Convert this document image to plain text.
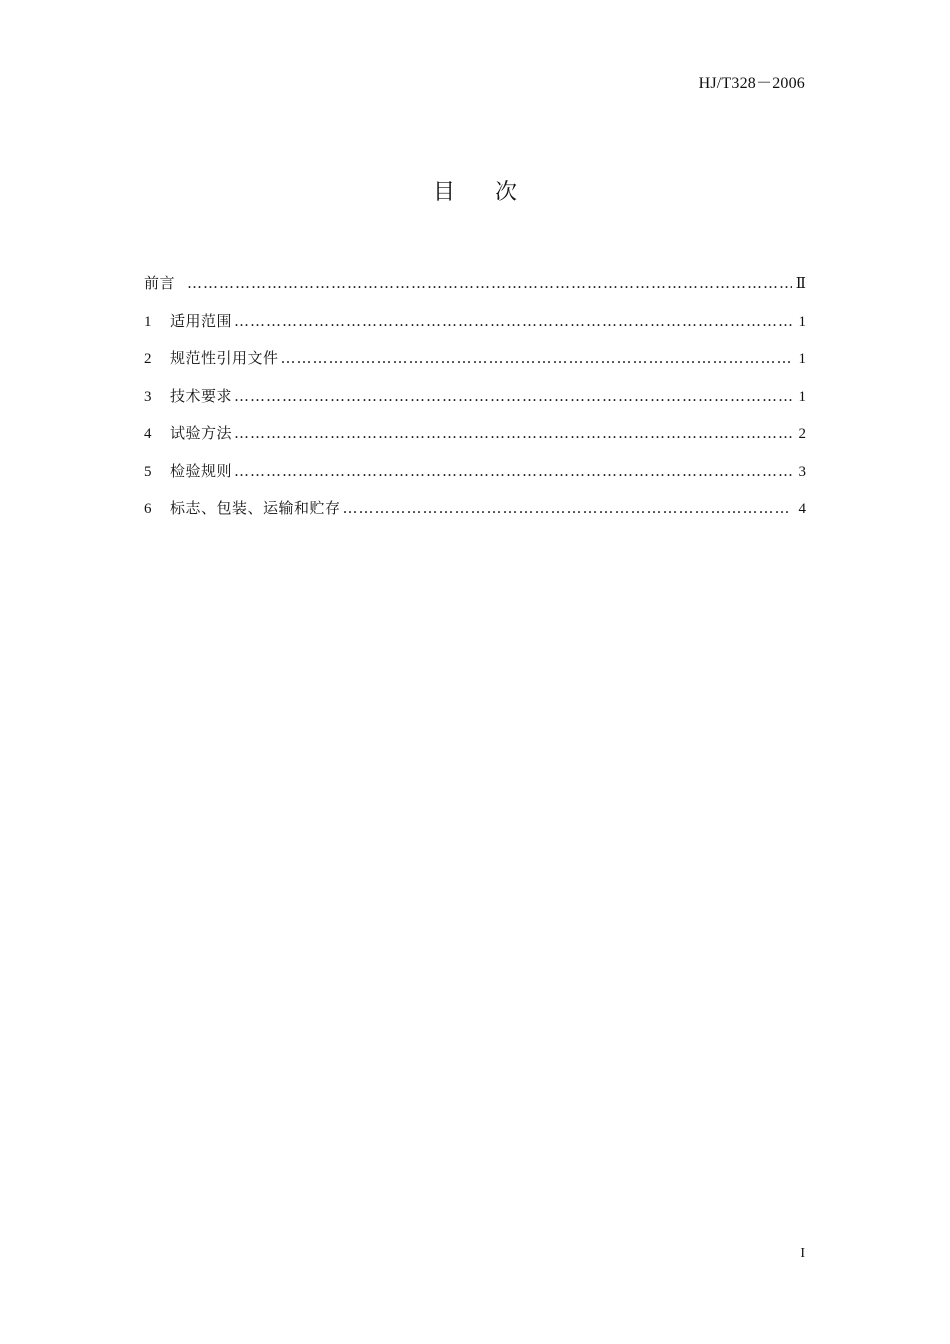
HJ/T328－2006
目 次
前言 ………………………………………………………………………………………………………………………………………………………………………………	Ⅱ
1	适用范围 ………………………………………………………………………………………………………………………………………………………………………………	1
2	规范性引用文件 ………………………………………………………………………………………………………………………………………………………………………………	1
3	技术要求 ………………………………………………………………………………………………………………………………………………………………………………	1
4	试验方法 ………………………………………………………………………………………………………………………………………………………………………………	2
5	检验规则 ………………………………………………………………………………………………………………………………………………………………………………	3
6	标志、包装、运输和贮存 ………………………………………………………………………………………………………………………………………………………………………………	4
I
